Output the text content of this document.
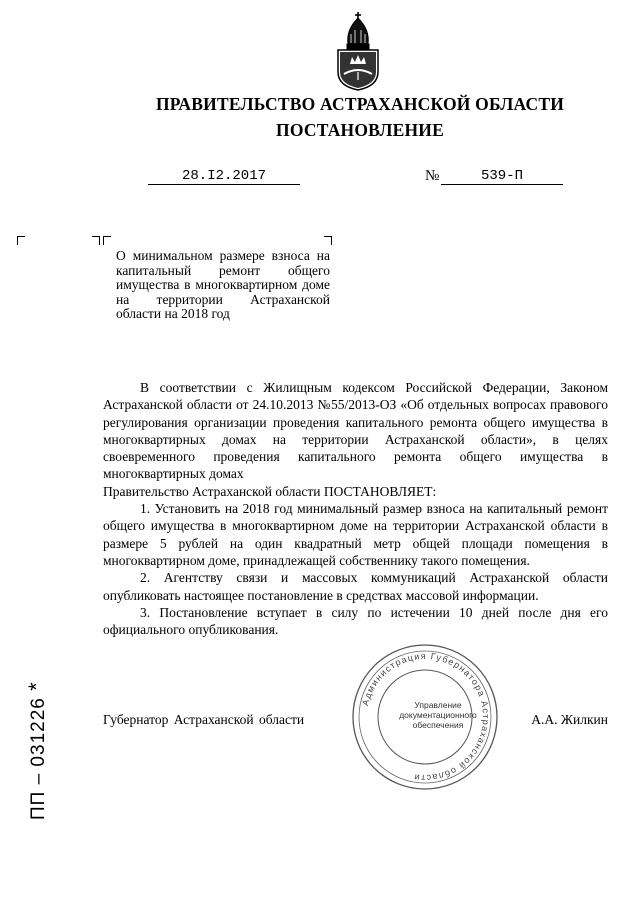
ПРАВИТЕЛЬСТВО АСТРАХАНСКОЙ ОБЛАСТИ
ПОСТАНОВЛЕНИЕ
28.I2.2017	№	539-П
О минимальном размере взноса на капитальный ремонт общего имущества в многоквартирном доме на территории Астраханской области на 2018 год

В соответствии с Жилищным кодексом Российской Федерации, Законом Астраханской области от 24.10.2013 №55/2013-ОЗ «Об отдельных вопросах правового регулирования организации проведения капитального ремонта общего имущества в многоквартирных домах на территории Астраханской области», в целях своевременного проведения капитального ремонта общего имущества в многоквартирных домах

Правительство Астраханской области ПОСТАНОВЛЯЕТ:

1. Установить на 2018 год минимальный размер взноса на капитальный ремонт общего имущества в многоквартирном доме на территории Астраханской области в размере 5 рублей на один квадратный метр общей площади помещения в многоквартирном доме, принадлежащей собственнику такого помещения.

2. Агентству связи и массовых коммуникаций Астраханской области опубликовать настоящее постановление в средствах массовой информации.

3. Постановление вступает в силу по истечении 10 дней после дня его официального опубликования.

Администрация Губернатора Астраханской области
Управление
документационного
обеспечения
Губернатор Астраханской области	А.А. Жилкин
ПП – 031226 *
